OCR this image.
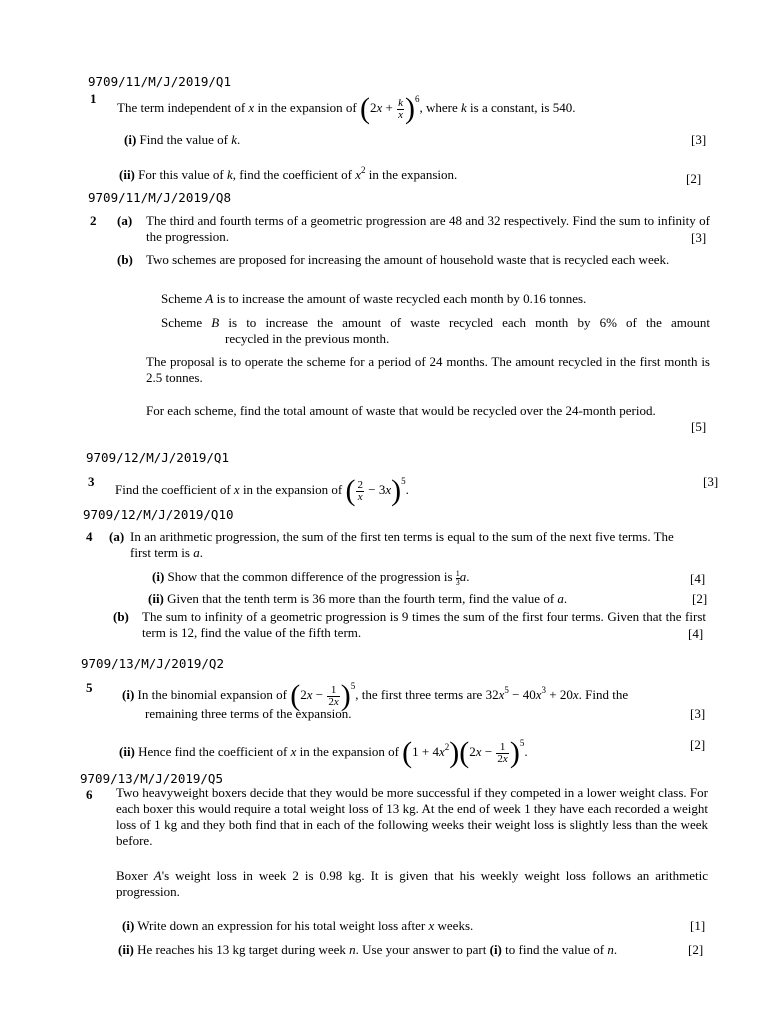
9709/11/M/J/2019/Q1
1
The term independent of x in the expansion of $(2x + \frac{k}{x} )^6$, where k is a constant, is 540.
(i) Find the value of k.	[3]
(ii) For this value of k, find the coefficient of $x^2$ in the expansion.	[2]
9709/11/M/J/2019/Q8
2 (a) The third and fourth terms of a geometric progression are 48 and 32 respectively. Find the sum to infinity of the progression.	[3]
(b) Two schemes are proposed for increasing the amount of household waste that is recycled each week.
Scheme A is to increase the amount of waste recycled each month by 0.16 tonnes.
Scheme B is to increase the amount of waste recycled each month by 6% of the amount
recycled in the previous month.
The proposal is to operate the scheme for a period of 24 months. The amount recycled in the first month is 2.5 tonnes.
For each scheme, find the total amount of waste that would be recycled over the 24-month period.
[5]
9709/12/M/J/2019/Q1
3
Find the coefficient of x in the expansion of ( $\frac{2}{x} - 3x)^5$.
[3]
9709/12/M/J/2019/Q10
4 (a) In an arithmetic progression, the sum of the first ten terms is equal to the sum of the next five terms. The first term is a.
(i) Show that the common difference of the progression is $\frac{1}{3} a$.	[4]
(ii) Given that the tenth term is 36 more than the fourth term, find the value of a.	[2]
(b) The sum to infinity of a geometric progression is 9 times the sum of the first four terms. Given that the first term is 12, find the value of the fifth term.	[4]
9709/13/M/J/2019/Q2
5 (i) In the binomial expansion of $(2x - \frac{1}{2x} )^5$, the first three terms are $32x^5 - 40x^3 + 20x$. Find the
remaining three terms of the expansion.	[3]
(ii) Hence find the coefficient of x in the expansion of $(1 + 4x^2)(2x - \frac{1}{2x} )^5$.	[2]
9709/13/M/J/2019/Q5
6 Two heavyweight boxers decide that they would be more successful if they competed in a lower weight class. For each boxer this would require a total weight loss of 13 kg. At the end of week 1 they have each recorded a weight loss of 1 kg and they both find that in each of the following weeks their weight loss is slightly less than the week before.
Boxer A's weight loss in week 2 is 0.98 kg. It is given that his weekly weight loss follows an arithmetic progression.
(i) Write down an expression for his total weight loss after x weeks.	[1]
(ii) He reaches his 13 kg target during week n. Use your answer to part (i) to find the value of n.	[2]
